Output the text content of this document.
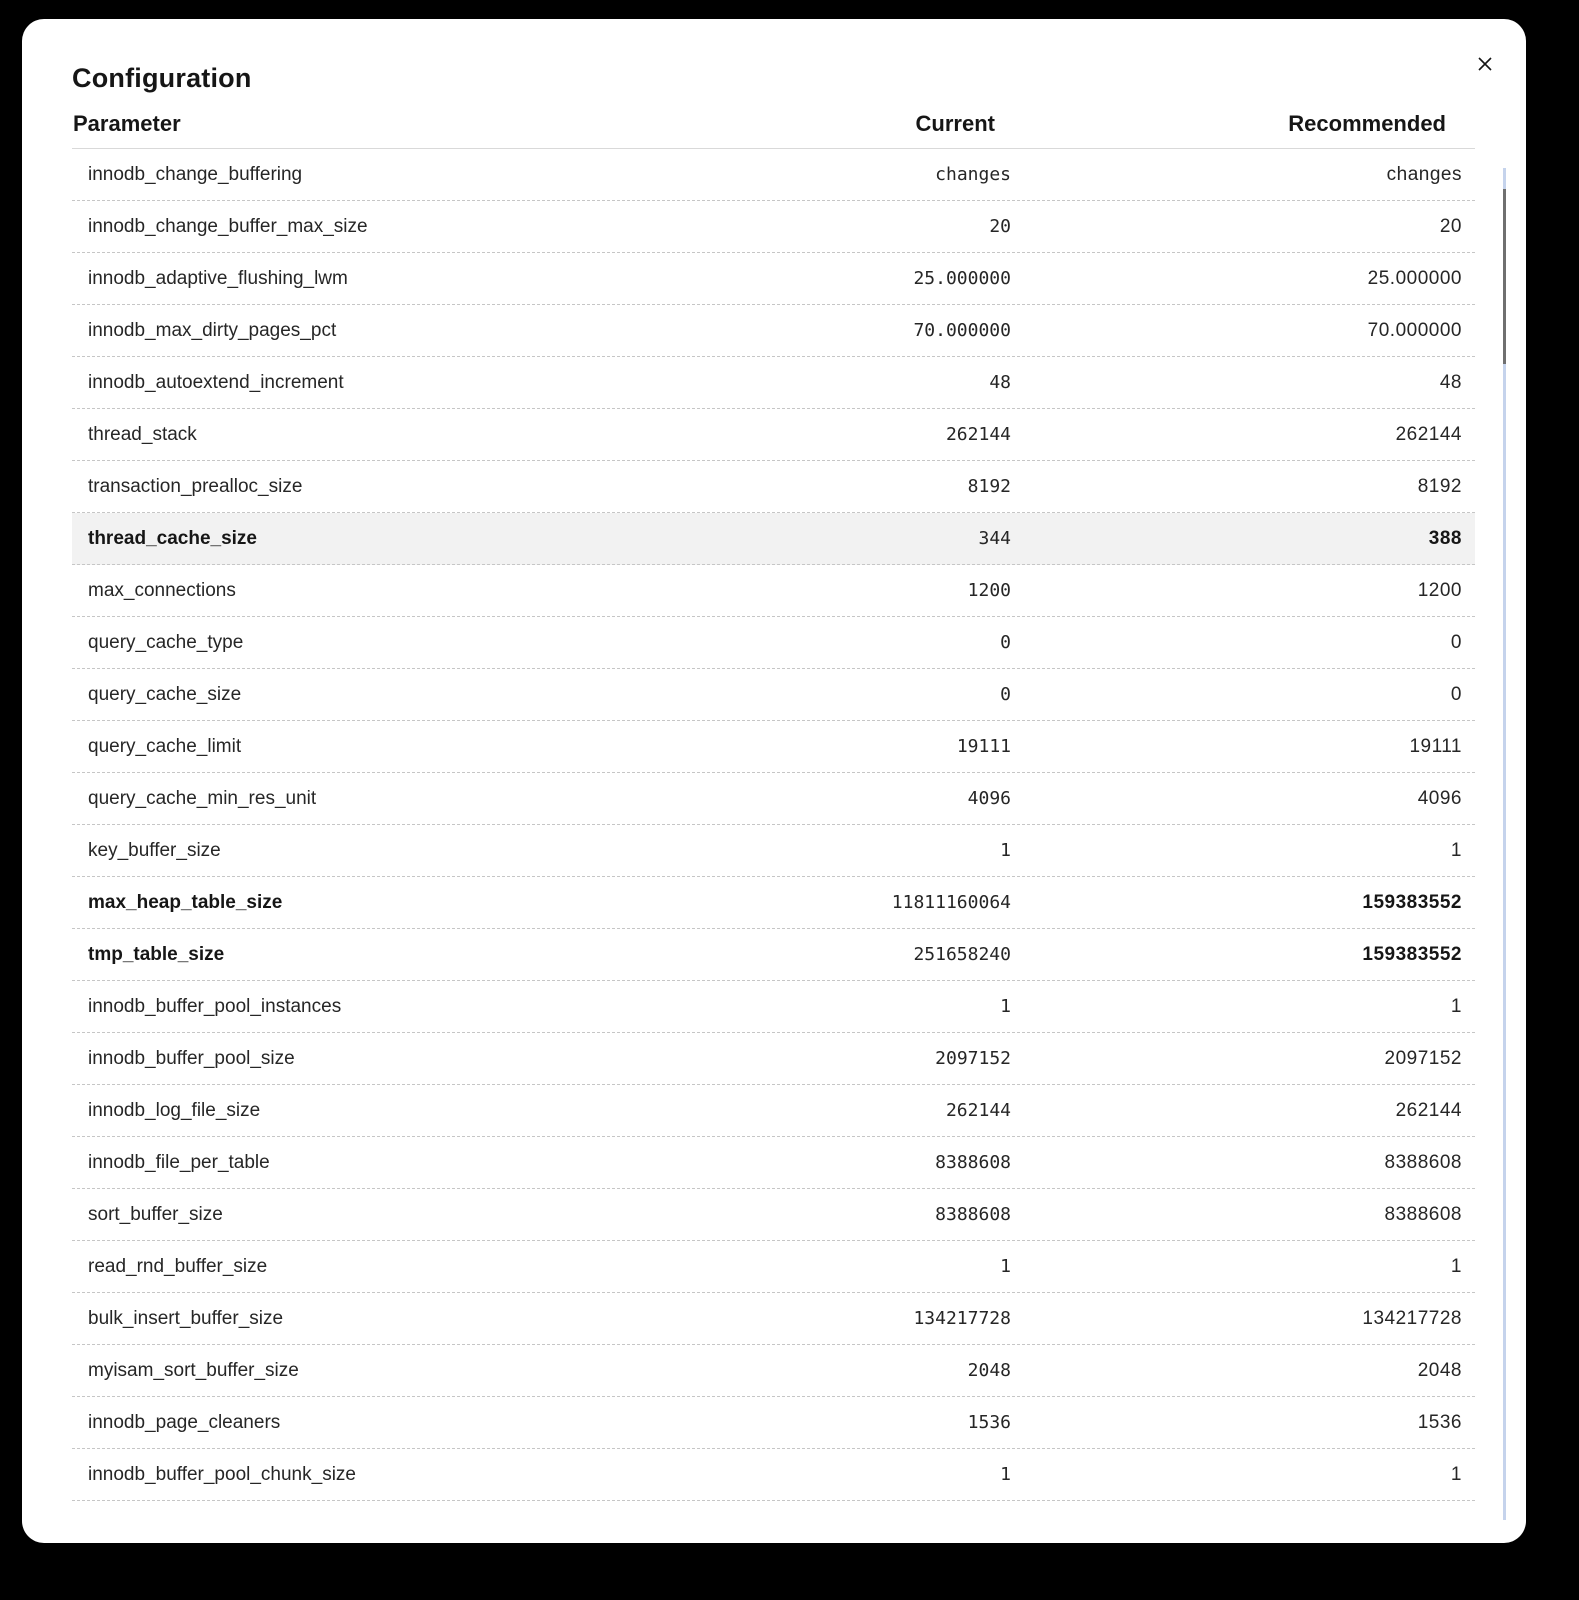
Configuration
Parameter	Current	Recommended
innodb_change_buffering	changes	changes
innodb_change_buffer_max_size	20	20
innodb_adaptive_flushing_lwm	25.000000	25.000000
innodb_max_dirty_pages_pct	70.000000	70.000000
innodb_autoextend_increment	48	48
thread_stack	262144	262144
transaction_prealloc_size	8192	8192
thread_cache_size	344	388
max_connections	1200	1200
query_cache_type	0	0
query_cache_size	0	0
query_cache_limit	19111	19111
query_cache_min_res_unit	4096	4096
key_buffer_size	1	1
max_heap_table_size	11811160064	159383552
tmp_table_size	251658240	159383552
innodb_buffer_pool_instances	1	1
innodb_buffer_pool_size	2097152	2097152
innodb_log_file_size	262144	262144
innodb_file_per_table	8388608	8388608
sort_buffer_size	8388608	8388608
read_rnd_buffer_size	1	1
bulk_insert_buffer_size	134217728	134217728
myisam_sort_buffer_size	2048	2048
innodb_page_cleaners	1536	1536
innodb_buffer_pool_chunk_size	1	1
